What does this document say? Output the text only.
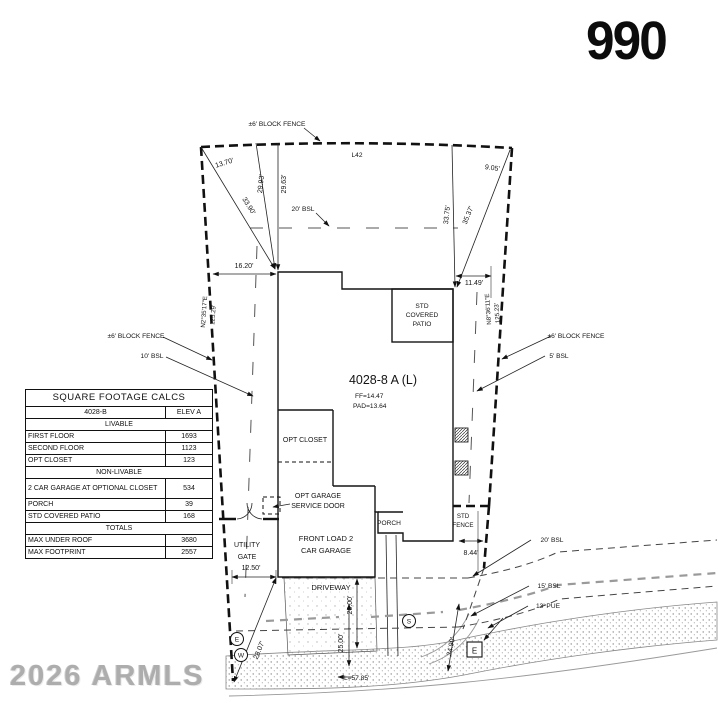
E
W
S
E
±6' BLOCK FENCE
L42
13.70'
29.93' 29.63'
33.90'	20' BSL
16.20'
9.05'
33.75' 35.37'
11.49'
N2°35'17"E 125.29'	N8°36'11"E 125.23'
±6' BLOCK FENCE
10' BSL
±6' BLOCK FENCE
5' BSL
4028-8 A (L)
FF=14.47
PAD=13.64
STD
COVERED
PATIO
OPT CLOSET
OPT GARAGE
SERVICE DOOR
FRONT LOAD 2
CAR GARAGE
PORCH
DRIVEWAY
STD
FENCE
8.44'
20' BSL
15' BSL
13' PUE
34.90'
28.07'
12.50'
UTILITY
GATE
20.00'
25.00'
L=57.85'
990
SQUARE FOOTAGE CALCS	
4028-B	ELEV A
LIVABLE	
FIRST FLOOR	1693
SECOND FLOOR	1123
OPT CLOSET	123
NON-LIVABLE	
2 CAR GARAGE AT OPTIONAL CLOSET	534
PORCH	39
STD COVERED PATIO	168
TOTALS	
MAX UNDER ROOF	3680
MAX FOOTPRINT	2557
2026 ARMLS
